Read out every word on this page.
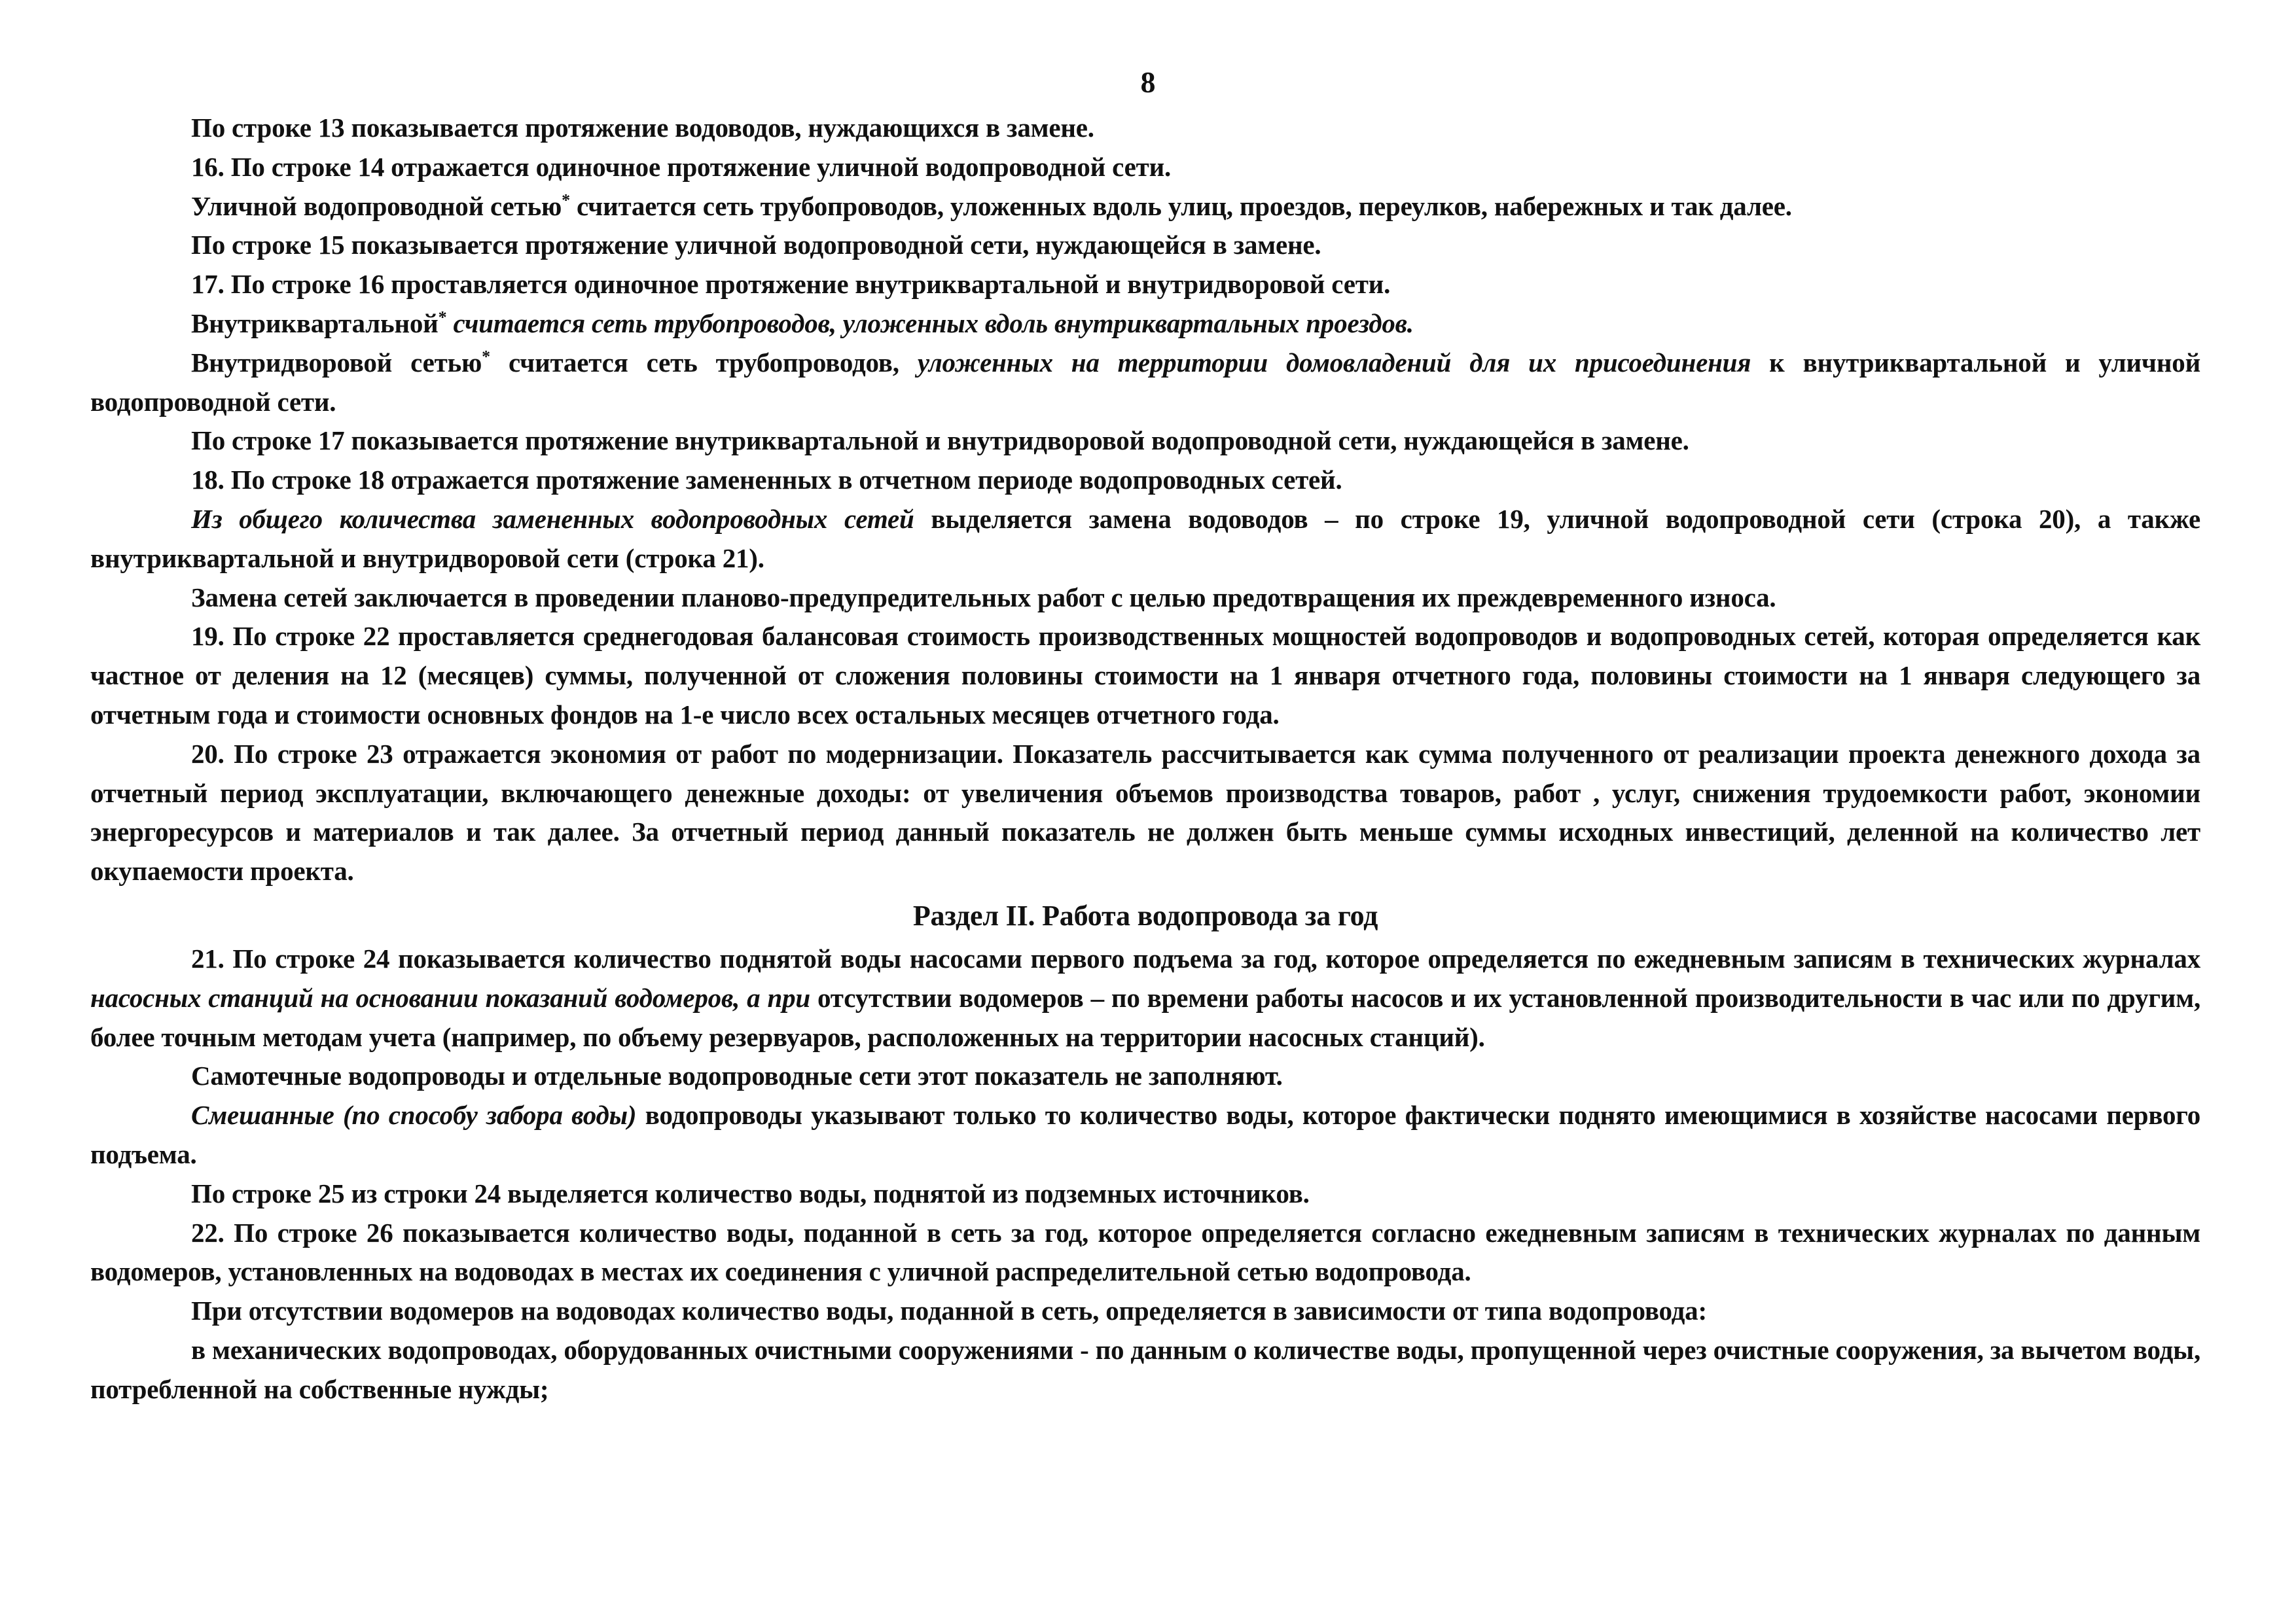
8

По строке 13 показывается протяжение водоводов, нуждающихся в замене.

16. По строке 14 отражается одиночное протяжение уличной водопроводной сети.

Уличной водопроводной сетью* считается сеть трубопроводов, уложенных вдоль улиц, проездов, переулков, набережных и так далее.

По строке 15 показывается протяжение уличной водопроводной сети, нуждающейся в замене.

17. По строке 16 проставляется одиночное протяжение внутриквартальной и внутридворовой сети.

Внутриквартальной* считается сеть трубопроводов, уложенных вдоль внутриквартальных проездов.

Внутридворовой сетью* считается сеть трубопроводов, уложенных на территории домовладений для их присоединения к внутриквартальной и уличной водопроводной сети.

По строке 17 показывается протяжение внутриквартальной и внутридворовой водопроводной сети, нуждающейся в замене.

18. По строке 18 отражается протяжение замененных в отчетном периоде водопроводных сетей.

Из общего количества замененных водопроводных сетей выделяется замена водоводов – по строке 19, уличной водопроводной сети (строка 20), а также внутриквартальной и внутридворовой сети (строка 21).

Замена сетей заключается в проведении планово-предупредительных работ с целью предотвращения их преждевременного износа.

19. По строке 22 проставляется среднегодовая балансовая стоимость производственных мощностей водопроводов и водопроводных сетей, которая определяется как частное от деления на 12 (месяцев) суммы, полученной от сложения половины стоимости на 1 января отчетного года, половины стоимости на 1 января следующего за отчетным года и стоимости основных фондов на 1-е число всех остальных месяцев отчетного года.

20. По строке 23 отражается экономия от работ по модернизации. Показатель рассчитывается как сумма полученного от реализации проекта денежного дохода за отчетный период эксплуатации, включающего денежные доходы: от увеличения объемов производства товаров, работ , услуг, снижения трудоемкости работ, экономии энергоресурсов и материалов и так далее. За отчетный период данный показатель не должен быть меньше суммы исходных инвестиций, деленной на количество лет окупаемости проекта.

Раздел II. Работа водопровода за год

21. По строке 24 показывается количество поднятой воды насосами первого подъема за год, которое определяется по ежедневным записям в технических журналах насосных станций на основании показаний водомеров, а при отсутствии водомеров – по времени работы насосов и их установленной производительности в час или по другим, более точным методам учета (например, по объему резервуаров, расположенных на территории насосных станций).

Самотечные водопроводы и отдельные водопроводные сети этот показатель не заполняют.

Смешанные (по способу забора воды) водопроводы указывают только то количество воды, которое фактически поднято имеющимися в хозяйстве насосами первого подъема.

По строке 25 из строки 24 выделяется количество воды, поднятой из подземных источников.

22. По строке 26 показывается количество воды, поданной в сеть за год, которое определяется согласно ежедневным записям в технических журналах по данным водомеров, установленных на водоводах в местах их соединения с уличной распределительной сетью водопровода.

При отсутствии водомеров на водоводах количество воды, поданной в сеть, определяется в зависимости от типа водопровода:

в механических водопроводах, оборудованных очистными сооружениями - по данным о количестве воды, пропущенной через очистные сооружения, за вычетом воды, потребленной на собственные нужды;
